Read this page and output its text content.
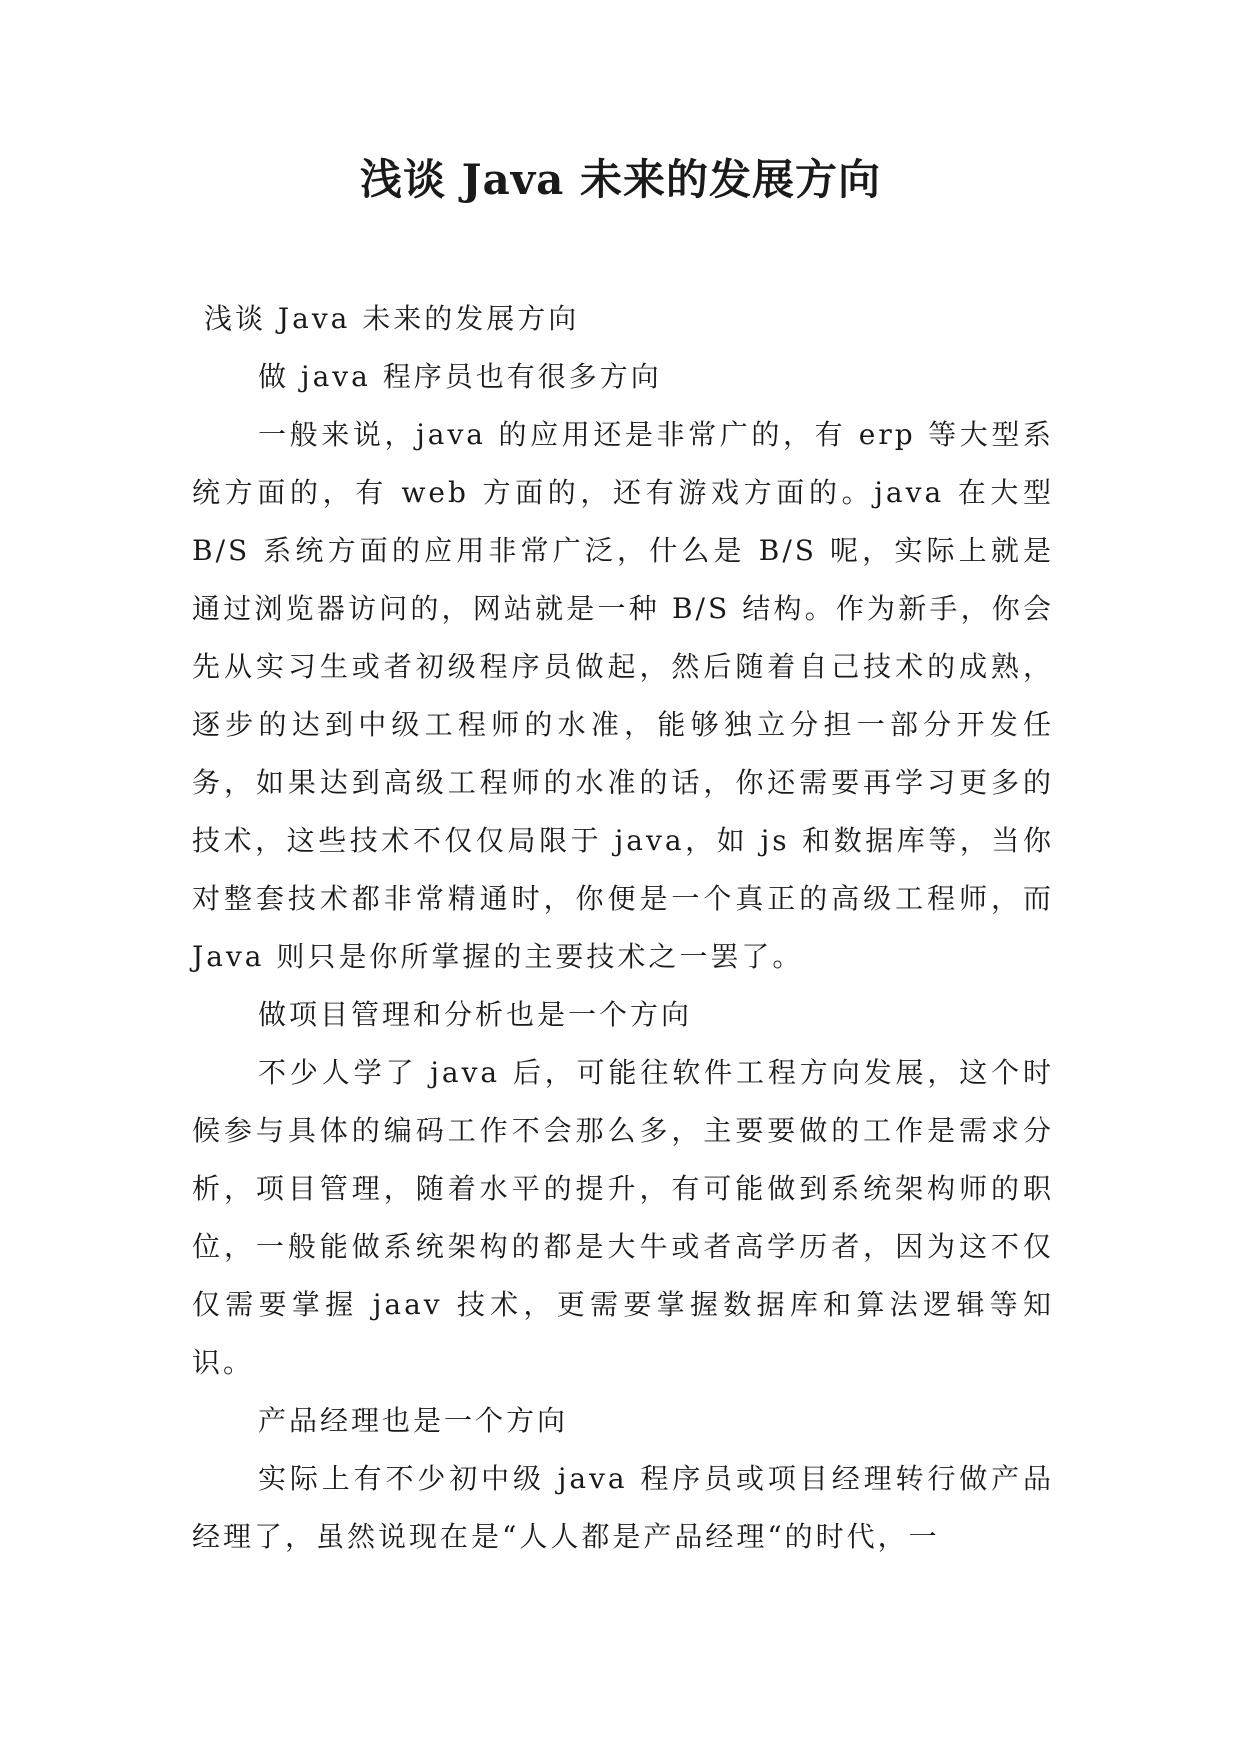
浅谈 Java 未来的发展方向

浅谈 Java 未来的发展方向

做 java 程序员也有很多方向

一般来说，java 的应用还是非常广的，有 erp 等大型系统方面的，有 web 方面的，还有游戏方面的。java 在大型 B/S 系统方面的应用非常广泛，什么是 B/S 呢，实际上就是通过浏览器访问的，网站就是一种 B/S 结构。作为新手，你会先从实习生或者初级程序员做起，然后随着自己技术的成熟，逐步的达到中级工程师的水准，能够独立分担一部分开发任务，如果达到高级工程师的水准的话，你还需要再学习更多的技术，这些技术不仅仅局限于 java，如 js 和数据库等，当你对整套技术都非常精通时，你便是一个真正的高级工程师，而 Java 则只是你所掌握的主要技术之一罢了。

做项目管理和分析也是一个方向

不少人学了 java 后，可能往软件工程方向发展，这个时候参与具体的编码工作不会那么多，主要要做的工作是需求分析，项目管理，随着水平的提升，有可能做到系统架构师的职位，一般能做系统架构的都是大牛或者高学历者，因为这不仅仅需要掌握 jaav 技术，更需要掌握数据库和算法逻辑等知识。

产品经理也是一个方向

实际上有不少初中级 java 程序员或项目经理转行做产品经理了，虽然说现在是“人人都是产品经理“的时代，一
